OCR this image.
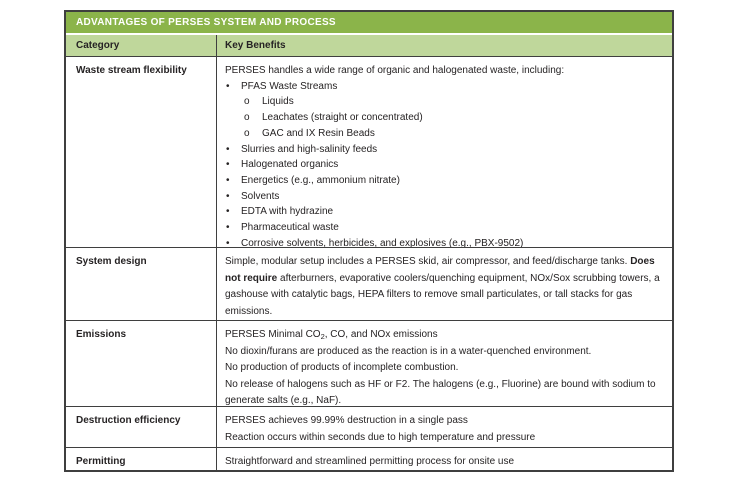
ADVANTAGES OF PERSES SYSTEM AND PROCESS
Category	Key Benefits
Waste stream flexibility	PERSES handles a wide range of organic and halogenated waste, including:
•	PFAS Waste Streams
o	Liquids
o	Leachates (straight or concentrated)
o	GAC and IX Resin Beads
•	Slurries and high-salinity feeds
•	Halogenated organics
•	Energetics (e.g., ammonium nitrate)
•	Solvents
•	EDTA with hydrazine
•	Pharmaceutical waste
•	Corrosive solvents, herbicides, and explosives (e.g., PBX-9502)
System design	Simple, modular setup includes a PERSES skid, air compressor, and feed/discharge tanks. Does not require afterburners, evaporative coolers/quenching equipment, NOx/Sox scrubbing towers, a gashouse with catalytic bags, HEPA filters to remove small particulates, or tall stacks for gas emissions.
Emissions	PERSES Minimal $CO_2$, CO, and NOx emissions
No dioxin/furans are produced as the reaction is in a water-quenched environment.
No production of products of incomplete combustion.
No release of halogens such as HF or F2. The halogens (e.g., Fluorine) are bound with sodium to generate salts (e.g., NaF).
Destruction efficiency	PERSES achieves 99.99% destruction in a single pass
Reaction occurs within seconds due to high temperature and pressure
Permitting	Straightforward and streamlined permitting process for onsite use
